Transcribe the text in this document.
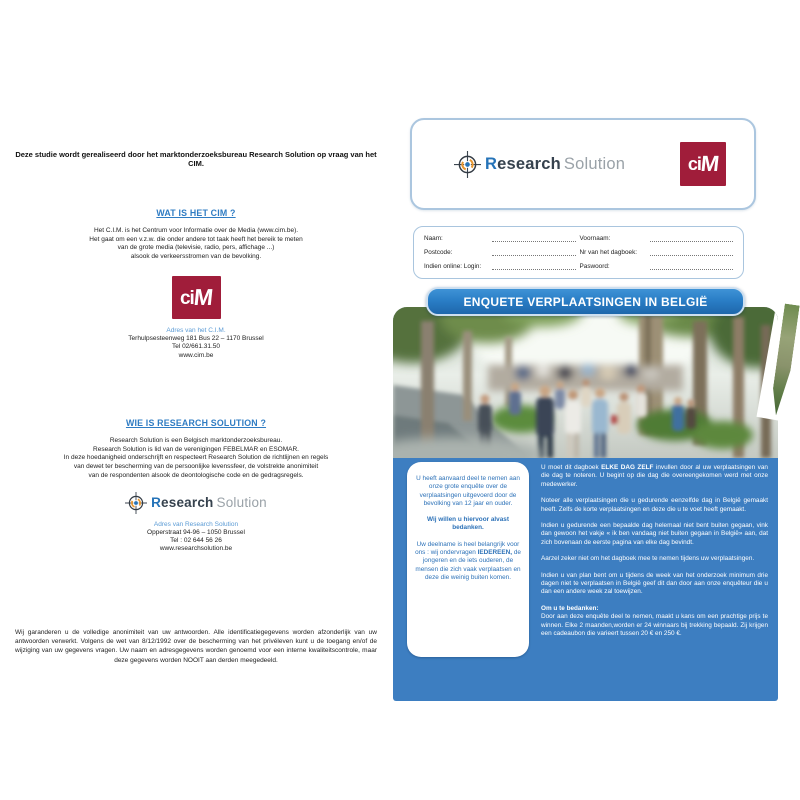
Deze studie wordt gerealiseerd door het marktonderzoeksbureau Research Solution op vraag van het CIM.
WAT IS HET CIM ?
Het C.I.M. is het Centrum voor Informatie over de Media (www.cim.be).
Het gaat om een v.z.w. die onder andere tot taak heeft het bereik te meten
van de grote media (televisie, radio, pers, affichage ...)
alsook de verkeersstromen van de bevolking.
ciM
Adres van het C.I.M.
Terhulpsesteenweg 181 Bus 22 – 1170 Brussel
Tel 02/661.31.50
www.cim.be
WIE IS RESEARCH SOLUTION ?
Research Solution is een Belgisch marktonderzoeksbureau.
Research Solution is lid van de verenigingen FEBELMAR en ESOMAR.
In deze hoedanigheid onderschrijft en respecteert Research Solution de richtlijnen en regels
van dewet ter bescherming van de persoonlijke levenssfeer, de volstrekte anonimiteit
van de respondenten alsook de deontologische code en de gedragsregels.
Research Solution
Adres van Research Solution
Opperstraat 94-96 – 1050 Brussel
Tel : 02 644 56 26
www.researchsolution.be
Wij garanderen u de volledige anonimiteit van uw antwoorden. Alle identificatiegegevens worden afzonderlijk van uw antwoorden verwerkt. Volgens de wet van 8/12/1992 over de bescherming van het privéleven kunt u de toegang en/of de wijziging van uw gegevens vragen. Uw naam en adresgegevens worden genoemd voor een interne kwaliteitscontrole, maar deze gegevens worden NOOIT aan derden meegedeeld.
Research Solution	ciM
Naam:	Voornaam:
Postcode:	Nr van het dagboek:
Indien online: Login:	Paswoord:
ENQUETE VERPLAATSINGEN IN BELGIË

U heeft aanvaard deel te nemen aan onze grote enquête over de verplaatsingen uitgevoerd door de bevolking van 12 jaar en ouder.

Wij willen u hiervoor alvast bedanken.

Uw deelname is heel belangrijk voor ons : wij ondervragen IEDEREEN, de jongeren en de iets ouderen, de mensen die zich vaak verplaatsen en deze die weinig buiten komen.

U moet dit dagboek ELKE DAG ZELF invullen door al uw verplaatsingen van die dag te noteren. U begint op die dag die overeengekomen werd met onze medewerker.

Noteer alle verplaatsingen die u gedurende eenzelfde dag in België gemaakt heeft. Zelfs de korte verplaatsingen en deze die u te voet heeft gemaakt.

Indien u gedurende een bepaalde dag helemaal niet bent buiten gegaan, vink dan gewoon het vakje « ik ben vandaag niet buiten gegaan in België» aan, dat zich bovenaan de eerste pagina van elke dag bevindt.

Aarzel zeker niet om het dagboek mee te nemen tijdens uw verplaatsingen.

Indien u van plan bent om u tijdens de week van het onderzoek minimum drie dagen niet te verplaatsen in België geef dit dan door aan onze enquêteur die u dan een andere week zal toewijzen.

Om u te bedanken:

Door aan deze enquête deel te nemen, maakt u kans om een prachtige prijs te winnen. Elke 2 maanden,worden er 24 winnaars bij trekking bepaald. Zij krijgen een cadeaubon die varieert tussen 20 € en 250 €.
